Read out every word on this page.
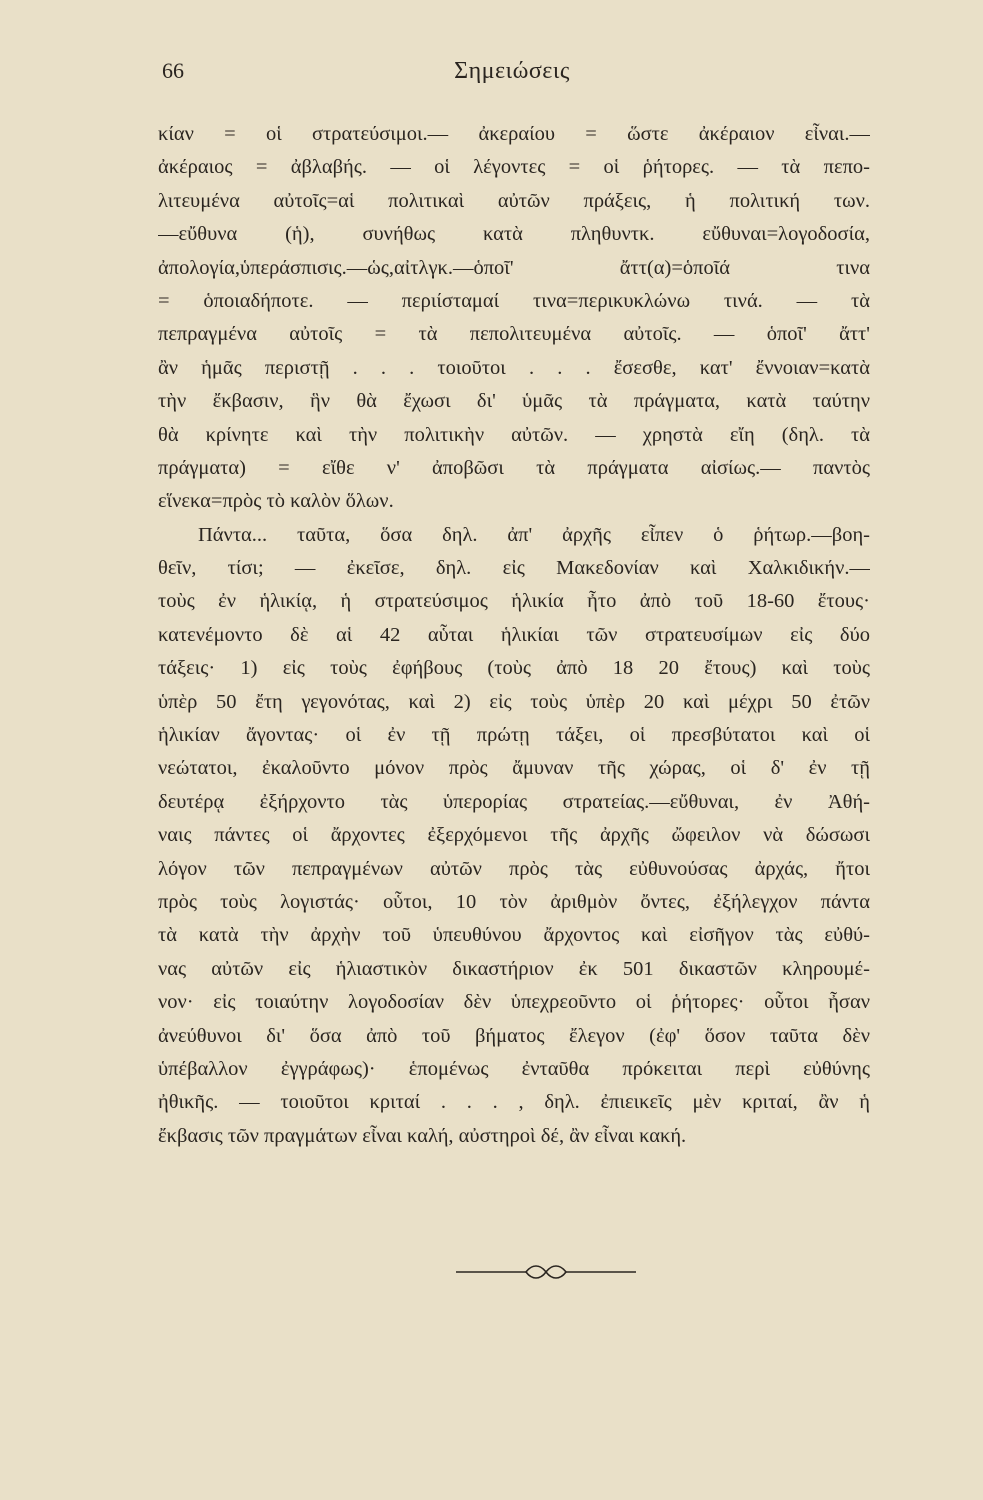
66	Σημειώσεις
κίαν = οἱ στρατεύσιμοι.— ἀκεραίου = ὥστε ἀκέραιον εἶναι.—
ἀκέραιος = ἀβλαβής. — οἱ λέγοντες = οἱ ῥήτορες. — τὰ πεπο-
λιτευμένα αὐτοῖς=αἱ πολιτικαὶ αὐτῶν πράξεις, ἡ πολιτική των.
—εὔθυνα (ἡ), συνήθως κατὰ πληθυντκ. εὔθυναι=λογοδοσία,
ἀπολογία,ὑπεράσπισις.—ὡς,αἰτλγκ.—ὁποῖ' ἄττ(α)=ὁποῖά τινα
= ὁποιαδήποτε. — περιίσταμαί τινα=περικυκλώνω τινά. — τὰ
πεπραγμένα αὐτοῖς = τὰ πεπολιτευμένα αὐτοῖς. — ὁποῖ' ἄττ'
ἂν ἡμᾶς περιστῇ . . . τοιοῦτοι . . . ἔσεσθε, κατ' ἔννοιαν=κατὰ
τὴν ἔκβασιν, ἣν θὰ ἔχωσι δι' ὑμᾶς τὰ πράγματα, κατὰ ταύτην
θὰ κρίνητε καὶ τὴν πολιτικὴν αὐτῶν. — χρηστὰ εἴη (δηλ. τὰ
πράγματα) = εἴθε ν' ἀποβῶσι τὰ πράγματα αἰσίως.— παντὸς
εἵνεκα=πρὸς τὸ καλὸν ὅλων.
Πάντα... ταῦτα, ὅσα δηλ. ἀπ' ἀρχῆς εἶπεν ὁ ῥήτωρ.—βοη-
θεῖν, τίσι; — ἐκεῖσε, δηλ. εἰς Μακεδονίαν καὶ Χαλκιδικήν.—
τοὺς ἐν ἡλικίᾳ, ἡ στρατεύσιμος ἡλικία ἦτο ἀπὸ τοῦ 18-60 ἔτους·
κατενέμοντο δὲ αἱ 42 αὗται ἡλικίαι τῶν στρατευσίμων εἰς δύο
τάξεις· 1) εἰς τοὺς ἐφήβους (τοὺς ἀπὸ 18 20 ἔτους) καὶ τοὺς
ὑπὲρ 50 ἔτη γεγονότας, καὶ 2) εἰς τοὺς ὑπὲρ 20 καὶ μέχρι 50 ἐτῶν
ἡλικίαν ἄγοντας· οἱ ἐν τῇ πρώτῃ τάξει, οἱ πρεσβύτατοι καὶ οἱ
νεώτατοι, ἐκαλοῦντο μόνον πρὸς ἄμυναν τῆς χώρας, οἱ δ' ἐν τῇ
δευτέρᾳ ἐξήρχοντο τὰς ὑπερορίας στρατείας.—εὔθυναι, ἐν Ἀθή-
ναις πάντες οἱ ἄρχοντες ἐξερχόμενοι τῆς ἀρχῆς ὤφειλον νὰ δώσωσι
λόγον τῶν πεπραγμένων αὐτῶν πρὸς τὰς εὐθυνούσας ἀρχάς, ἤτοι
πρὸς τοὺς λογιστάς· οὗτοι, 10 τὸν ἀριθμὸν ὄντες, ἐξήλεγχον πάντα
τὰ κατὰ τὴν ἀρχὴν τοῦ ὑπευθύνου ἄρχοντος καὶ εἰσῆγον τὰς εὐθύ-
νας αὐτῶν εἰς ἡλιαστικὸν δικαστήριον ἐκ 501 δικαστῶν κληρουμέ-
νον· εἰς τοιαύτην λογοδοσίαν δὲν ὑπεχρεοῦντο οἱ ῥήτορες· οὗτοι ἦσαν
ἀνεύθυνοι δι' ὅσα ἀπὸ τοῦ βήματος ἔλεγον (ἐφ' ὅσον ταῦτα δὲν
ὑπέβαλλον ἐγγράφως)· ἑπομένως ἐνταῦθα πρόκειται περὶ εὐθύνης
ἠθικῆς. — τοιοῦτοι κριταί . . . , δηλ. ἐπιεικεῖς μὲν κριταί, ἂν ἡ
ἔκβασις τῶν πραγμάτων εἶναι καλή, αὐστηροὶ δέ, ἂν εἶναι κακή.
